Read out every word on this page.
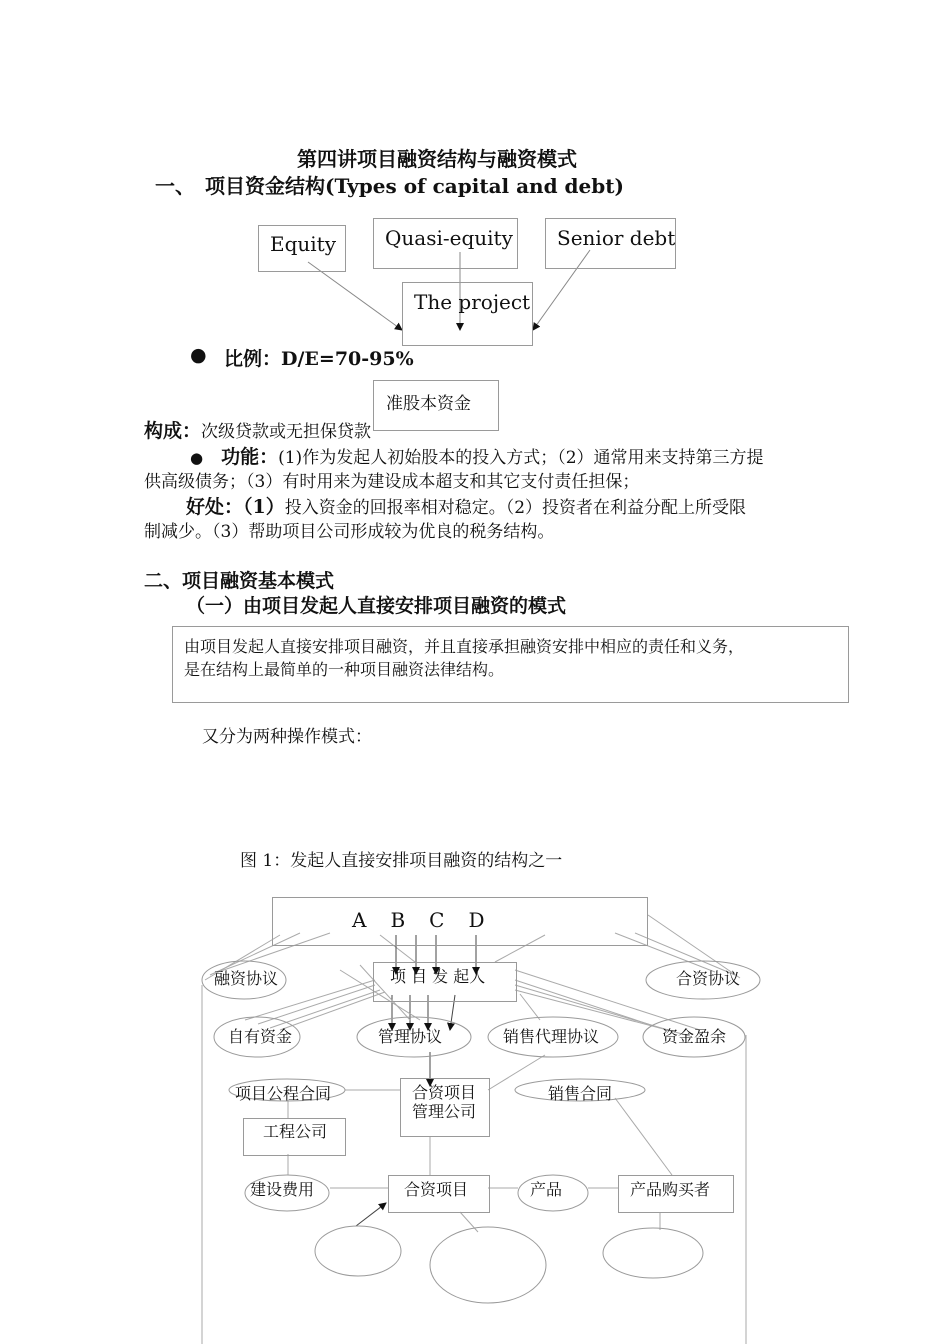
第四讲项目融资结构与融资模式
一、　项目资金结构(Types of capital and debt)
Equity Quasi-equity Senior debt
The project
● 比例：D/E=70-95%
准股本资金
构成：次级贷款或无担保贷款
● 功能：(1)作为发起人初始股本的投入方式；（2）通常用来支持第三方提
供高级债务；（3）有时用来为建设成本超支和其它支付责任担保；
好处：（1）投入资金的回报率相对稳定。（2）投资者在利益分配上所受限
制减少。（3）帮助项目公司形成较为优良的税务结构。
二、项目融资基本模式
（一）由项目发起人直接安排项目融资的模式
由项目发起人直接安排项目融资，并且直接承担融资安排中相应的责任和义务，
是在结构上最简单的一种项目融资法律结构。
又分为两种操作模式：
图 1：发起人直接安排项目融资的结构之一
A　B　C　D
项 目 发 起人
融资协议	合资协议
自有资金	管理协议	销售代理协议	资金盈余
项目公程合同	合资项目
管理公司
销售合同
工程公司
建设费用	合资项目	产品	产品购买者
